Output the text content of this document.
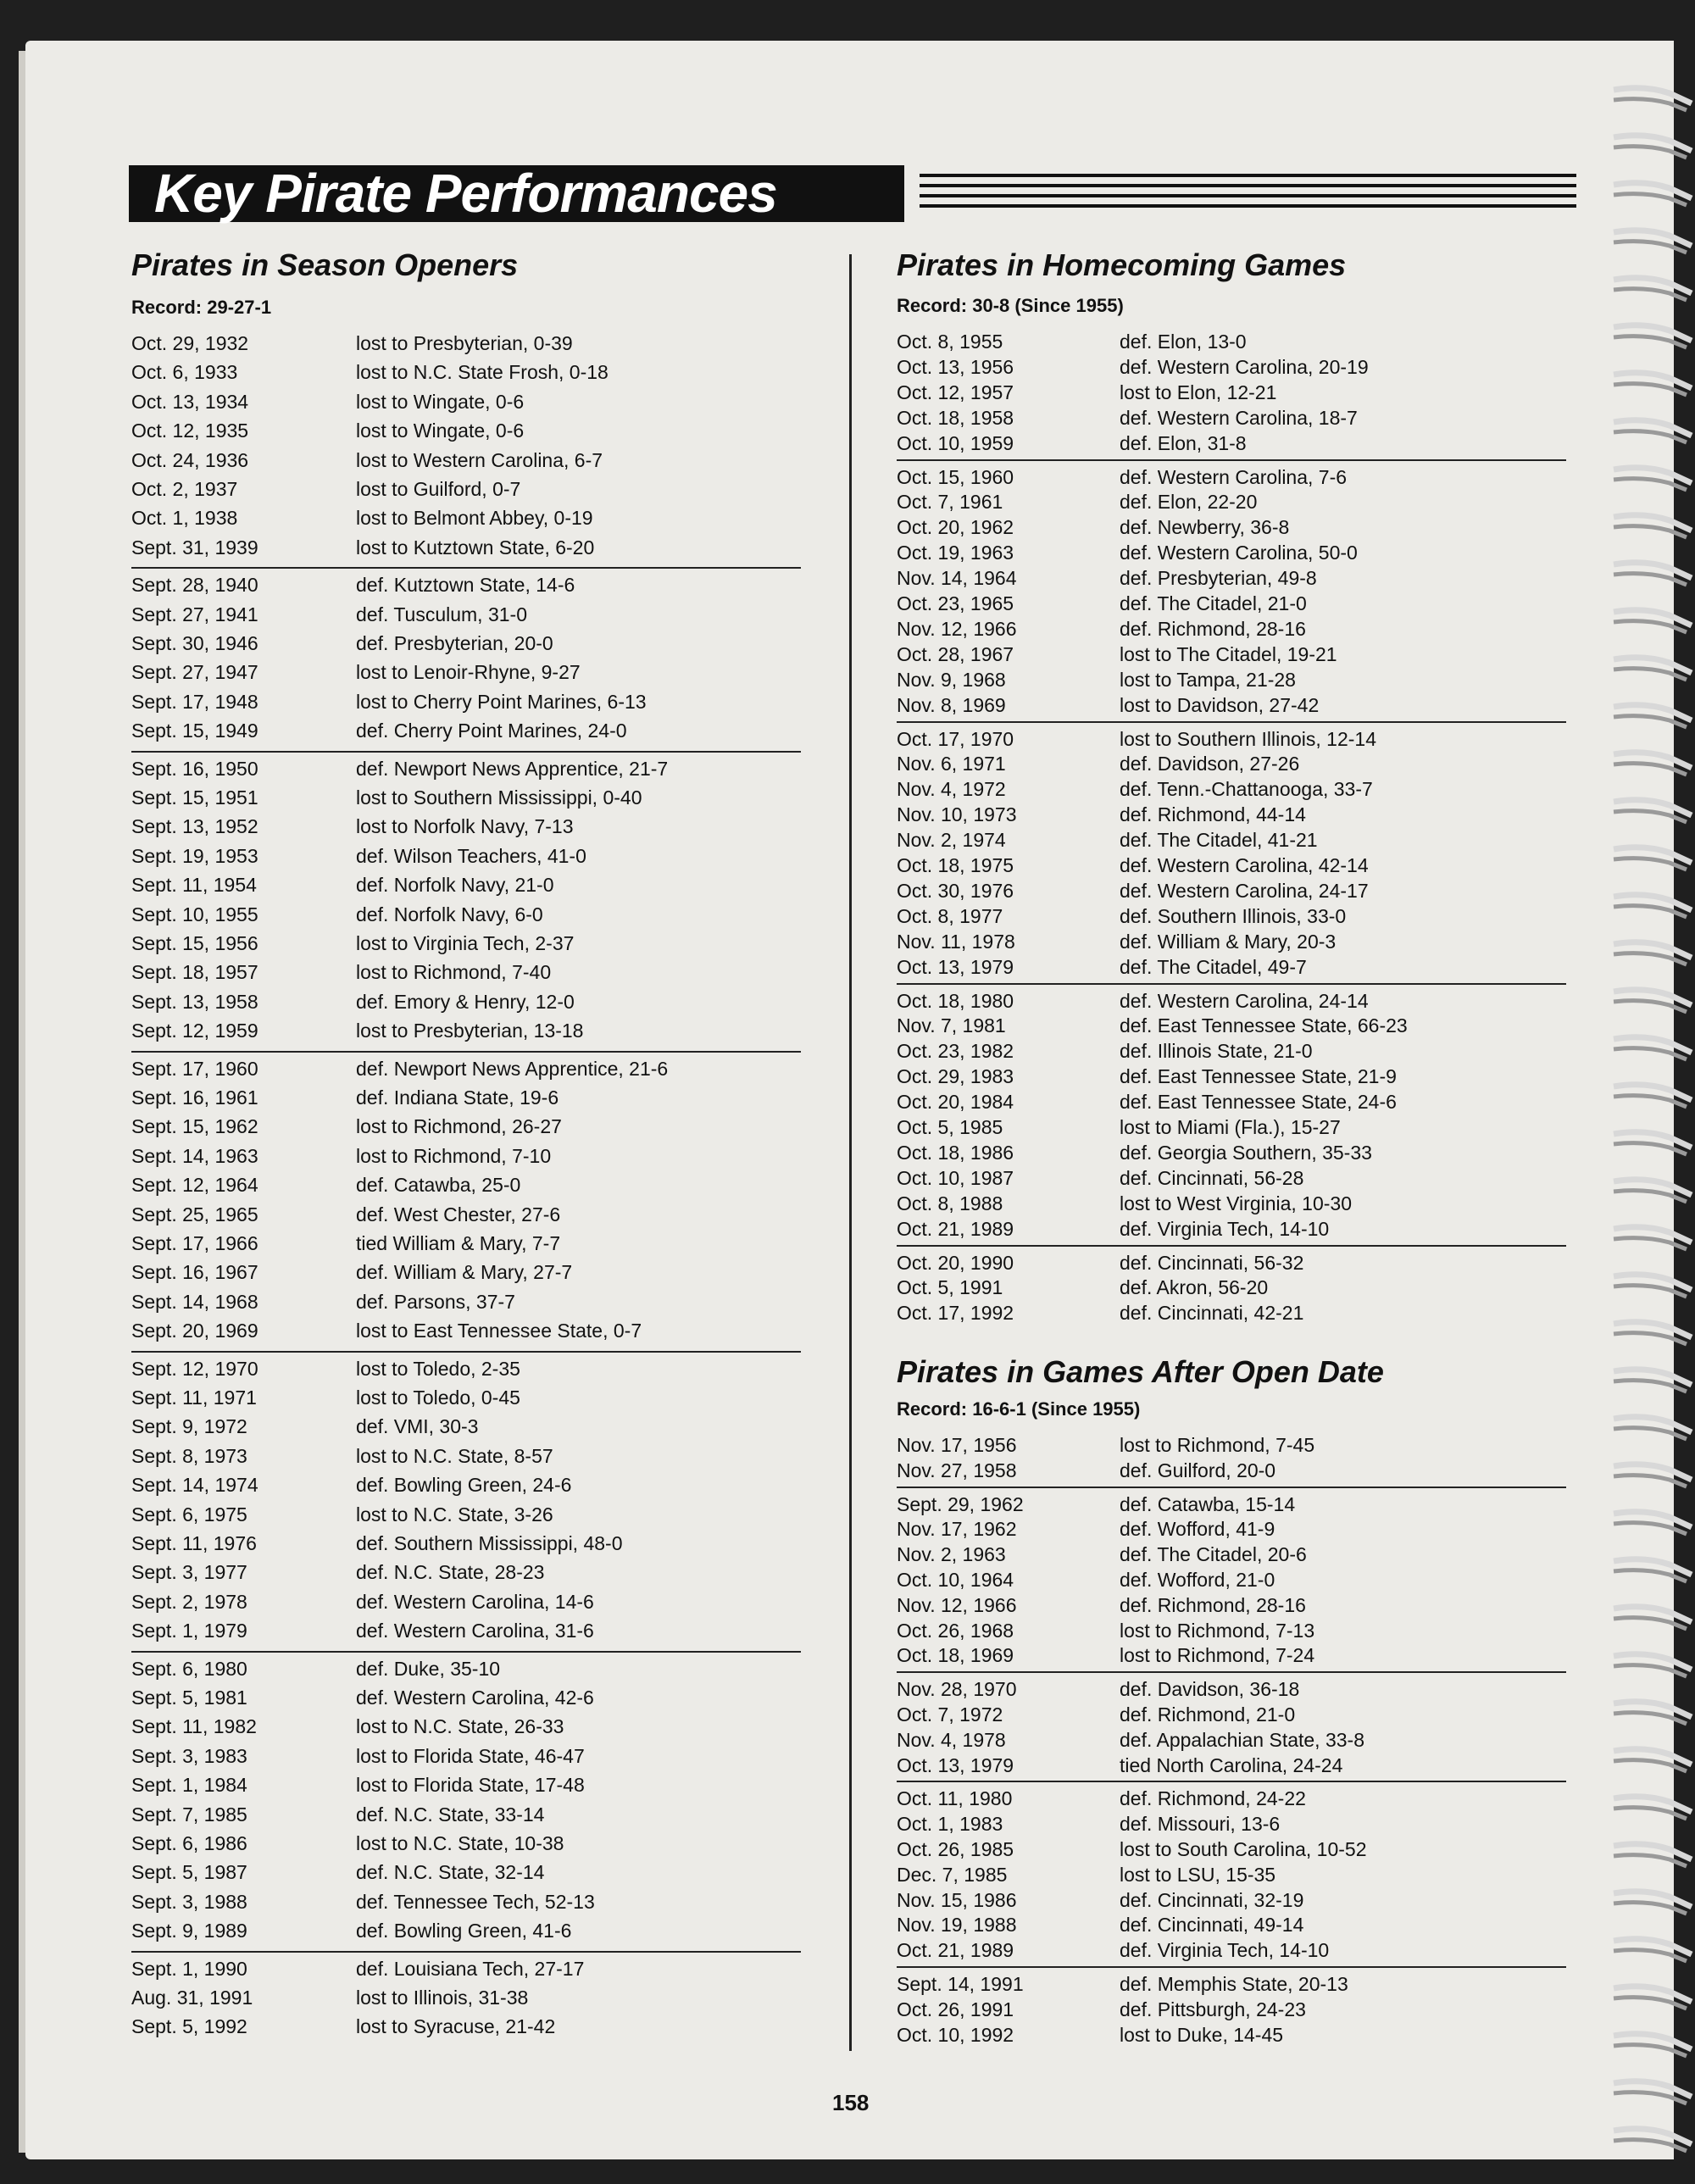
Key Pirate Performances
Pirates in Season Openers
Record: 29-27-1
Oct. 29, 1932	lost to Presbyterian, 0-39
Oct. 6, 1933	lost to N.C. State Frosh, 0-18
Oct. 13, 1934	lost to Wingate, 0-6
Oct. 12, 1935	lost to Wingate, 0-6
Oct. 24, 1936	lost to Western Carolina, 6-7
Oct. 2, 1937	lost to Guilford, 0-7
Oct. 1, 1938	lost to Belmont Abbey, 0-19
Sept. 31, 1939	lost to Kutztown State, 6-20
Sept. 28, 1940	def. Kutztown State, 14-6
Sept. 27, 1941	def. Tusculum, 31-0
Sept. 30, 1946	def. Presbyterian, 20-0
Sept. 27, 1947	lost to Lenoir-Rhyne, 9-27
Sept. 17, 1948	lost to Cherry Point Marines, 6-13
Sept. 15, 1949	def. Cherry Point Marines, 24-0
Sept. 16, 1950	def. Newport News Apprentice, 21-7
Sept. 15, 1951	lost to Southern Mississippi, 0-40
Sept. 13, 1952	lost to Norfolk Navy, 7-13
Sept. 19, 1953	def. Wilson Teachers, 41-0
Sept. 11, 1954	def. Norfolk Navy, 21-0
Sept. 10, 1955	def. Norfolk Navy, 6-0
Sept. 15, 1956	lost to Virginia Tech, 2-37
Sept. 18, 1957	lost to Richmond, 7-40
Sept. 13, 1958	def. Emory & Henry, 12-0
Sept. 12, 1959	lost to Presbyterian, 13-18
Sept. 17, 1960	def. Newport News Apprentice, 21-6
Sept. 16, 1961	def. Indiana State, 19-6
Sept. 15, 1962	lost to Richmond, 26-27
Sept. 14, 1963	lost to Richmond, 7-10
Sept. 12, 1964	def. Catawba, 25-0
Sept. 25, 1965	def. West Chester, 27-6
Sept. 17, 1966	tied William & Mary, 7-7
Sept. 16, 1967	def. William & Mary, 27-7
Sept. 14, 1968	def. Parsons, 37-7
Sept. 20, 1969	lost to East Tennessee State, 0-7
Sept. 12, 1970	lost to Toledo, 2-35
Sept. 11, 1971	lost to Toledo, 0-45
Sept. 9, 1972	def. VMI, 30-3
Sept. 8, 1973	lost to N.C. State, 8-57
Sept. 14, 1974	def. Bowling Green, 24-6
Sept. 6, 1975	lost to N.C. State, 3-26
Sept. 11, 1976	def. Southern Mississippi, 48-0
Sept. 3, 1977	def. N.C. State, 28-23
Sept. 2, 1978	def. Western Carolina, 14-6
Sept. 1, 1979	def. Western Carolina, 31-6
Sept. 6, 1980	def. Duke, 35-10
Sept. 5, 1981	def. Western Carolina, 42-6
Sept. 11, 1982	lost to N.C. State, 26-33
Sept. 3, 1983	lost to Florida State, 46-47
Sept. 1, 1984	lost to Florida State, 17-48
Sept. 7, 1985	def. N.C. State, 33-14
Sept. 6, 1986	lost to N.C. State, 10-38
Sept. 5, 1987	def. N.C. State, 32-14
Sept. 3, 1988	def. Tennessee Tech, 52-13
Sept. 9, 1989	def. Bowling Green, 41-6
Sept. 1, 1990	def. Louisiana Tech, 27-17
Aug. 31, 1991	lost to Illinois, 31-38
Sept. 5, 1992	lost to Syracuse, 21-42
Pirates in Homecoming Games
Record: 30-8 (Since 1955)
Oct. 8, 1955	def. Elon, 13-0
Oct. 13, 1956	def. Western Carolina, 20-19
Oct. 12, 1957	lost to Elon, 12-21
Oct. 18, 1958	def. Western Carolina, 18-7
Oct. 10, 1959	def. Elon, 31-8
Oct. 15, 1960	def. Western Carolina, 7-6
Oct. 7, 1961	def. Elon, 22-20
Oct. 20, 1962	def. Newberry, 36-8
Oct. 19, 1963	def. Western Carolina, 50-0
Nov. 14, 1964	def. Presbyterian, 49-8
Oct. 23, 1965	def. The Citadel, 21-0
Nov. 12, 1966	def. Richmond, 28-16
Oct. 28, 1967	lost to The Citadel, 19-21
Nov. 9, 1968	lost to Tampa, 21-28
Nov. 8, 1969	lost to Davidson, 27-42
Oct. 17, 1970	lost to Southern Illinois, 12-14
Nov. 6, 1971	def. Davidson, 27-26
Nov. 4, 1972	def. Tenn.-Chattanooga, 33-7
Nov. 10, 1973	def. Richmond, 44-14
Nov. 2, 1974	def. The Citadel, 41-21
Oct. 18, 1975	def. Western Carolina, 42-14
Oct. 30, 1976	def. Western Carolina, 24-17
Oct. 8, 1977	def. Southern Illinois, 33-0
Nov. 11, 1978	def. William & Mary, 20-3
Oct. 13, 1979	def. The Citadel, 49-7
Oct. 18, 1980	def. Western Carolina, 24-14
Nov. 7, 1981	def. East Tennessee State, 66-23
Oct. 23, 1982	def. Illinois State, 21-0
Oct. 29, 1983	def. East Tennessee State, 21-9
Oct. 20, 1984	def. East Tennessee State, 24-6
Oct. 5, 1985	lost to Miami (Fla.), 15-27
Oct. 18, 1986	def. Georgia Southern, 35-33
Oct. 10, 1987	def. Cincinnati, 56-28
Oct. 8, 1988	lost to West Virginia, 10-30
Oct. 21, 1989	def. Virginia Tech, 14-10
Oct. 20, 1990	def. Cincinnati, 56-32
Oct. 5, 1991	def. Akron, 56-20
Oct. 17, 1992	def. Cincinnati, 42-21
Pirates in Games After Open Date
Record: 16-6-1 (Since 1955)
Nov. 17, 1956	lost to Richmond, 7-45
Nov. 27, 1958	def. Guilford, 20-0
Sept. 29, 1962	def. Catawba, 15-14
Nov. 17, 1962	def. Wofford, 41-9
Nov. 2, 1963	def. The Citadel, 20-6
Oct. 10, 1964	def. Wofford, 21-0
Nov. 12, 1966	def. Richmond, 28-16
Oct. 26, 1968	lost to Richmond, 7-13
Oct. 18, 1969	lost to Richmond, 7-24
Nov. 28, 1970	def. Davidson, 36-18
Oct. 7, 1972	def. Richmond, 21-0
Nov. 4, 1978	def. Appalachian State, 33-8
Oct. 13, 1979	tied North Carolina, 24-24
Oct. 11, 1980	def. Richmond, 24-22
Oct. 1, 1983	def. Missouri, 13-6
Oct. 26, 1985	lost to South Carolina, 10-52
Dec. 7, 1985	lost to LSU, 15-35
Nov. 15, 1986	def. Cincinnati, 32-19
Nov. 19, 1988	def. Cincinnati, 49-14
Oct. 21, 1989	def. Virginia Tech, 14-10
Sept. 14, 1991	def. Memphis State, 20-13
Oct. 26, 1991	def. Pittsburgh, 24-23
Oct. 10, 1992	lost to Duke, 14-45
158
